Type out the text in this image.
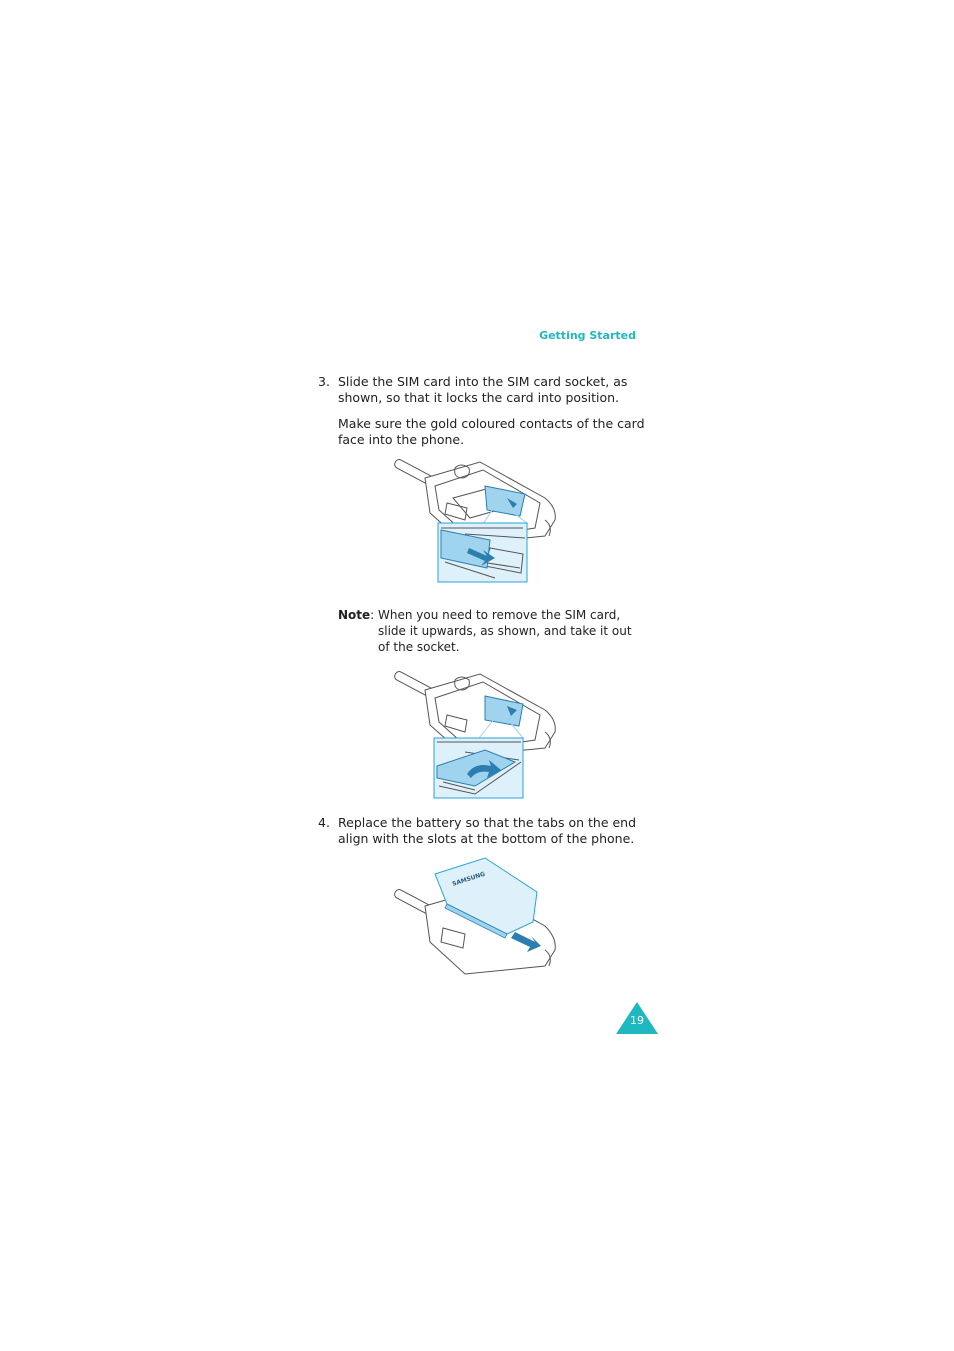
Getting Started
3. Slide the SIM card into the SIM card socket, as
shown, so that it locks the card into position.
Make sure the gold coloured contacts of the card
face into the phone.
Note: When you need to remove the SIM card,
slide it upwards, as shown, and take it out
of the socket.
4. Replace the battery so that the tabs on the end
align with the slots at the bottom of the phone.
SAMSUNG
19
